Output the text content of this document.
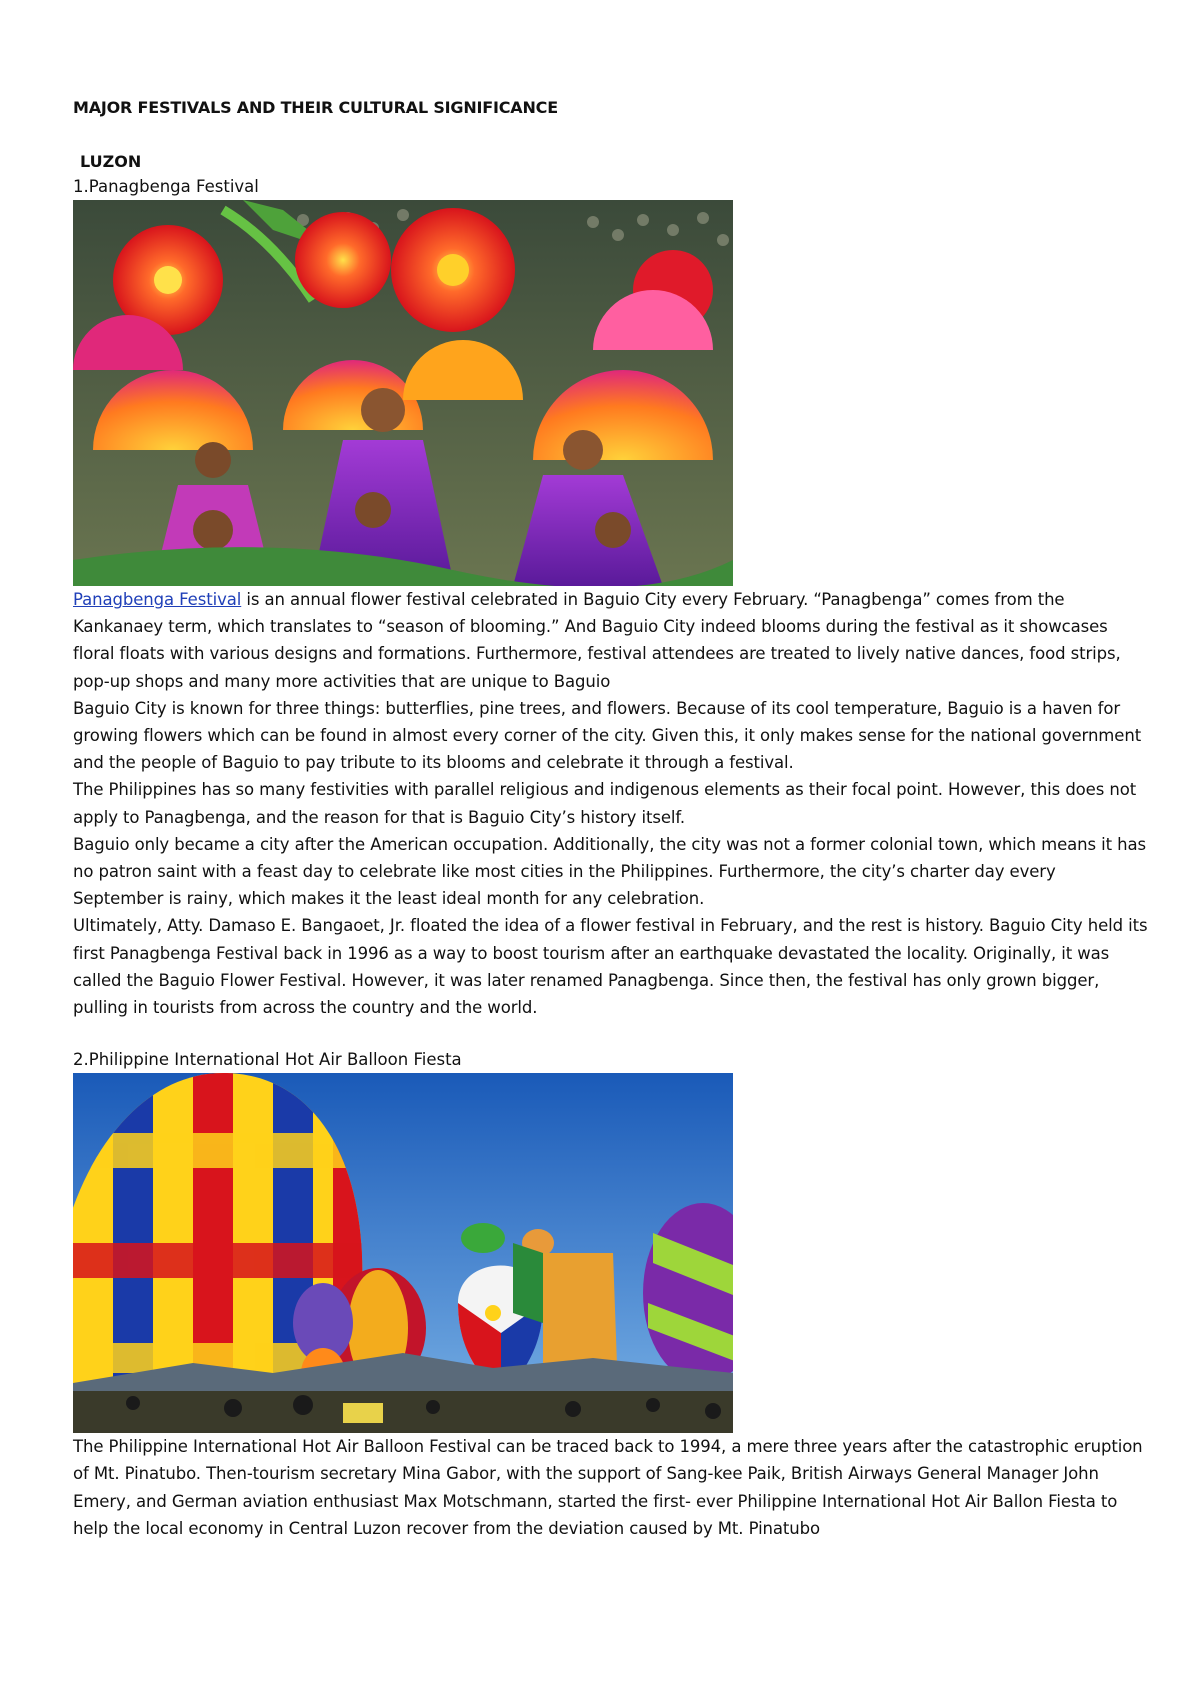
MAJOR FESTIVALS AND THEIR CULTURAL SIGNIFICANCE
LUZON
1.Panagbenga Festival

Panagbenga Festival is an annual flower festival celebrated in Baguio City every February. “Panagbenga” comes from the Kankanaey term, which translates to “season of blooming.” And Baguio City indeed blooms during the festival as it showcases floral floats with various designs and formations. Furthermore, festival attendees are treated to lively native dances, food strips, pop-up shops and many more activities that are unique to Baguio

Baguio City is known for three things: butterflies, pine trees, and flowers. Because of its cool temperature, Baguio is a haven for growing flowers which can be found in almost every corner of the city. Given this, it only makes sense for the national government and the people of Baguio to pay tribute to its blooms and celebrate it through a festival.

The Philippines has so many festivities with parallel religious and indigenous elements as their focal point. However, this does not apply to Panagbenga, and the reason for that is Baguio City’s history itself.

Baguio only became a city after the American occupation. Additionally, the city was not a former colonial town, which means it has no patron saint with a feast day to celebrate like most cities in the Philippines. Furthermore, the city’s charter day every September is rainy, which makes it the least ideal month for any celebration.

Ultimately, Atty. Damaso E. Bangaoet, Jr. floated the idea of a flower festival in February, and the rest is history. Baguio City held its first Panagbenga Festival back in 1996 as a way to boost tourism after an earthquake devastated the locality. Originally, it was called the Baguio Flower Festival. However, it was later renamed Panagbenga. Since then, the festival has only grown bigger, pulling in tourists from across the country and the world.

2.Philippine International Hot Air Balloon Fiesta

The Philippine International Hot Air Balloon Festival can be traced back to 1994, a mere three years after the catastrophic eruption of Mt. Pinatubo. Then-tourism secretary Mina Gabor, with the support of Sang-kee Paik, British Airways General Manager John Emery, and German aviation enthusiast Max Motschmann, started the first- ever Philippine International Hot Air Ballon Fiesta to help the local economy in Central Luzon recover from the deviation caused by Mt. Pinatubo
